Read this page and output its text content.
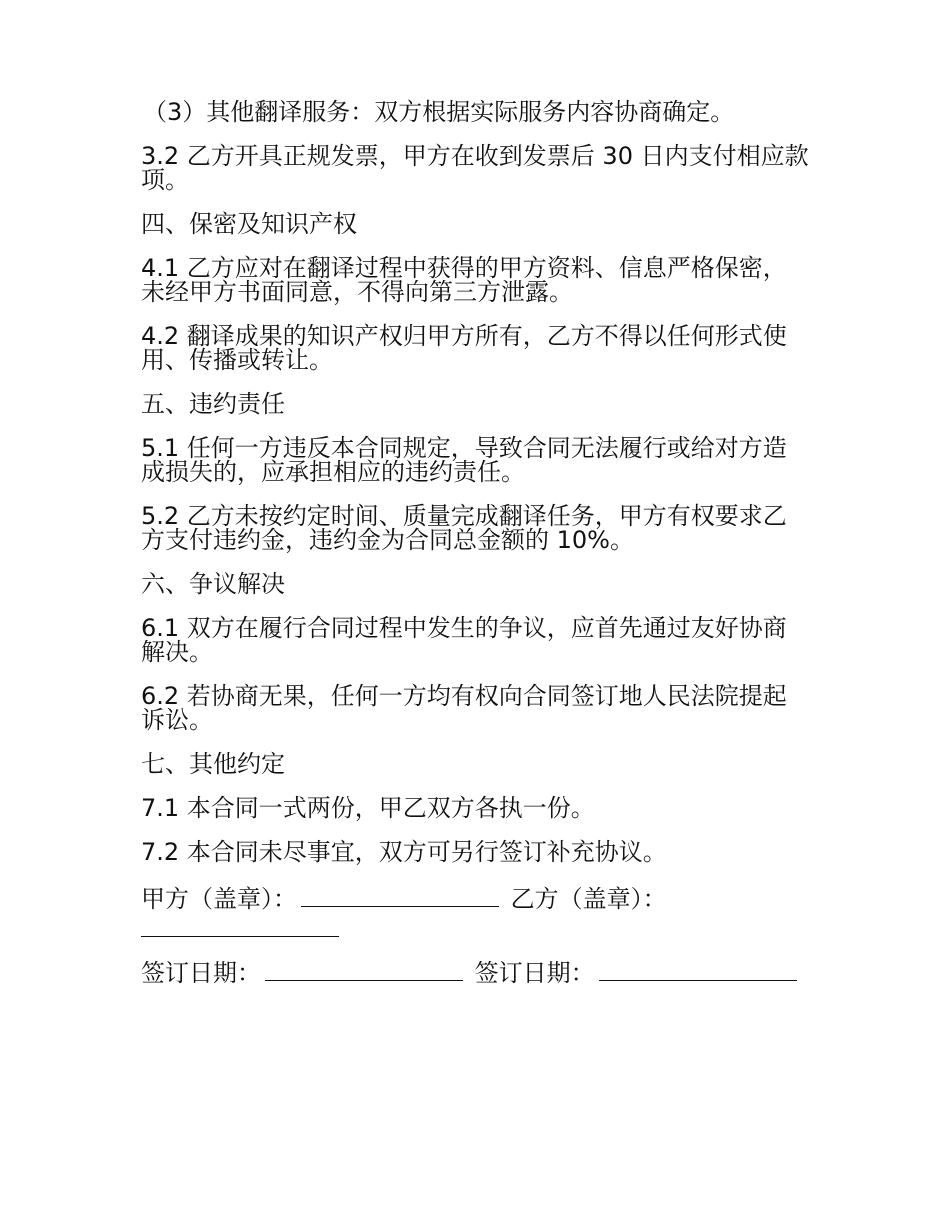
（3）其他翻译服务：双方根据实际服务内容协商确定。

3.2 乙方开具正规发票，甲方在收到发票后 30 日内支付相应款项。

四、保密及知识产权

4.1 乙方应对在翻译过程中获得的甲方资料、信息严格保密，未经甲方书面同意，不得向第三方泄露。

4.2 翻译成果的知识产权归甲方所有，乙方不得以任何形式使用、传播或转让。

五、违约责任

5.1 任何一方违反本合同规定，导致合同无法履行或给对方造成损失的，应承担相应的违约责任。

5.2 乙方未按约定时间、质量完成翻译任务，甲方有权要求乙方支付违约金，违约金为合同总金额的 10%。

六、争议解决

6.1 双方在履行合同过程中发生的争议，应首先通过友好协商解决。

6.2 若协商无果，任何一方均有权向合同签订地人民法院提起诉讼。

七、其他约定

7.1 本合同一式两份，甲乙双方各执一份。

7.2 本合同未尽事宜，双方可另行签订补充协议。

甲方（盖章）：	乙方（盖章）：

签订日期：	签订日期：
